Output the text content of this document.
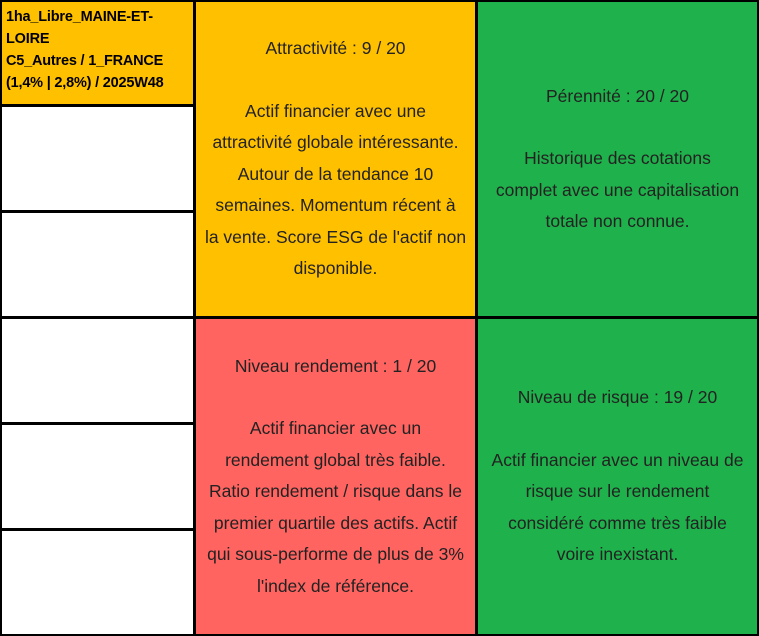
1ha_Libre_MAINE-ET-
LOIRE
C5_Autres / 1_FRANCE
(1,4% | 2,8%) / 2025W48
Attractivité : 9 / 20
Actif financier avec une
attractivité globale intéressante.
Autour de la tendance 10
semaines. Momentum récent à
la vente. Score ESG de l'actif non
disponible.
Pérennité : 20 / 20
Historique des cotations
complet avec une capitalisation
totale non connue.
Niveau rendement : 1 / 20
Actif financier avec un
rendement global très faible.
Ratio rendement / risque dans le
premier quartile des actifs. Actif
qui sous-performe de plus de 3%
l'index de référence.
Niveau de risque : 19 / 20
Actif financier avec un niveau de
risque sur le rendement
considéré comme très faible
voire inexistant.
